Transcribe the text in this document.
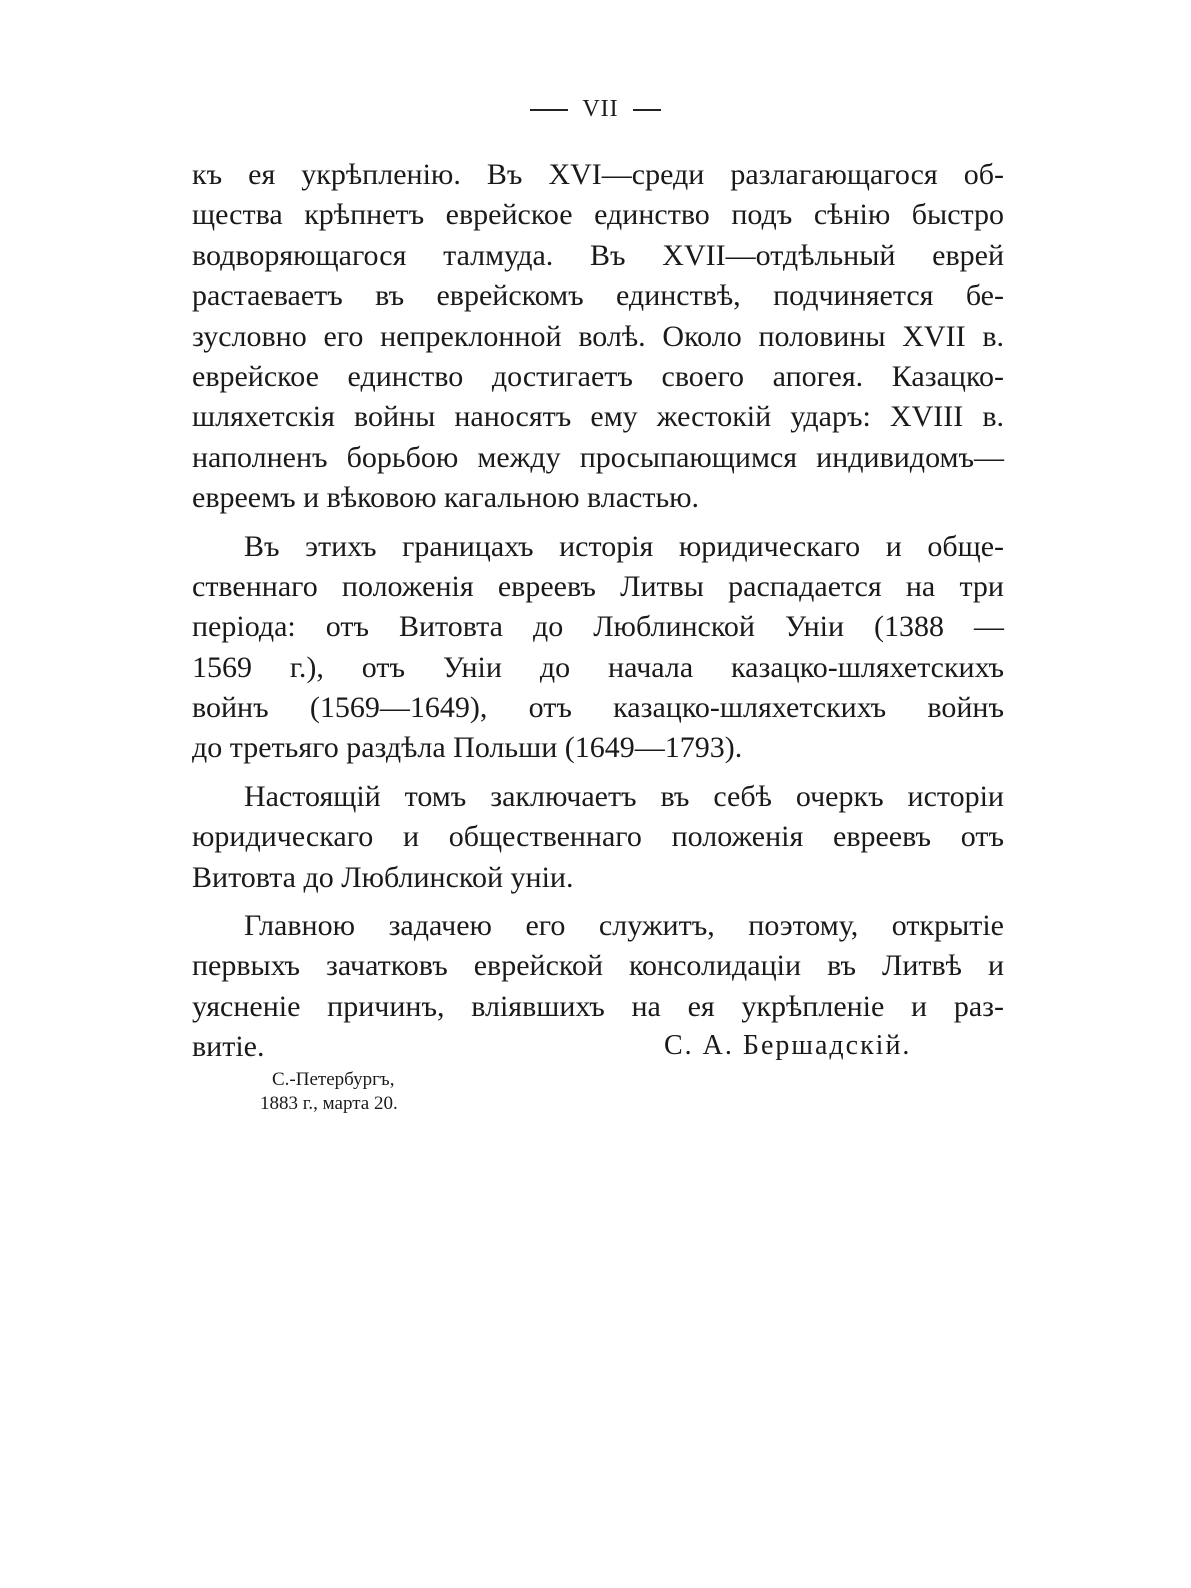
VII
къ ея укрѣпленію. Въ XVI—среди разлагающагося об-
щества крѣпнетъ еврейское единство подъ сѣнію быстро
водворяющагося талмуда. Въ XVII—отдѣльный еврей
растаеваетъ въ еврейскомъ единствѣ, подчиняется бе-
зусловно его непреклонной волѣ. Около половины XVII в.
еврейское единство достигаетъ своего апогея. Казацко-
шляхетскія войны наносятъ ему жестокій ударъ: XVIII в.
наполненъ борьбою между просыпающимся индивидомъ—
евреемъ и вѣковою кагальною властью.
Въ этихъ границахъ исторія юридическаго и обще-
ственнаго положенія евреевъ Литвы распадается на три
періода: отъ Витовта до Люблинской Уніи (1388 —
1569 г.), отъ Уніи до начала казацко-шляхетскихъ
войнъ (1569—1649), отъ казацко-шляхетскихъ войнъ
до третьяго раздѣла Польши (1649—1793).
Настоящій томъ заключаетъ въ себѣ очеркъ исторіи
юридическаго и общественнаго положенія евреевъ отъ
Витовта до Люблинской уніи.
Главною задачею его служитъ, поэтому, открытіе
первыхъ зачатковъ еврейской консолидаціи въ Литвѣ и
уясненіе причинъ, вліявшихъ на ея укрѣпленіе и раз-
витіе.	С. А. Бершадскій.
С.-Петербургъ,
1883 г., марта 20.
